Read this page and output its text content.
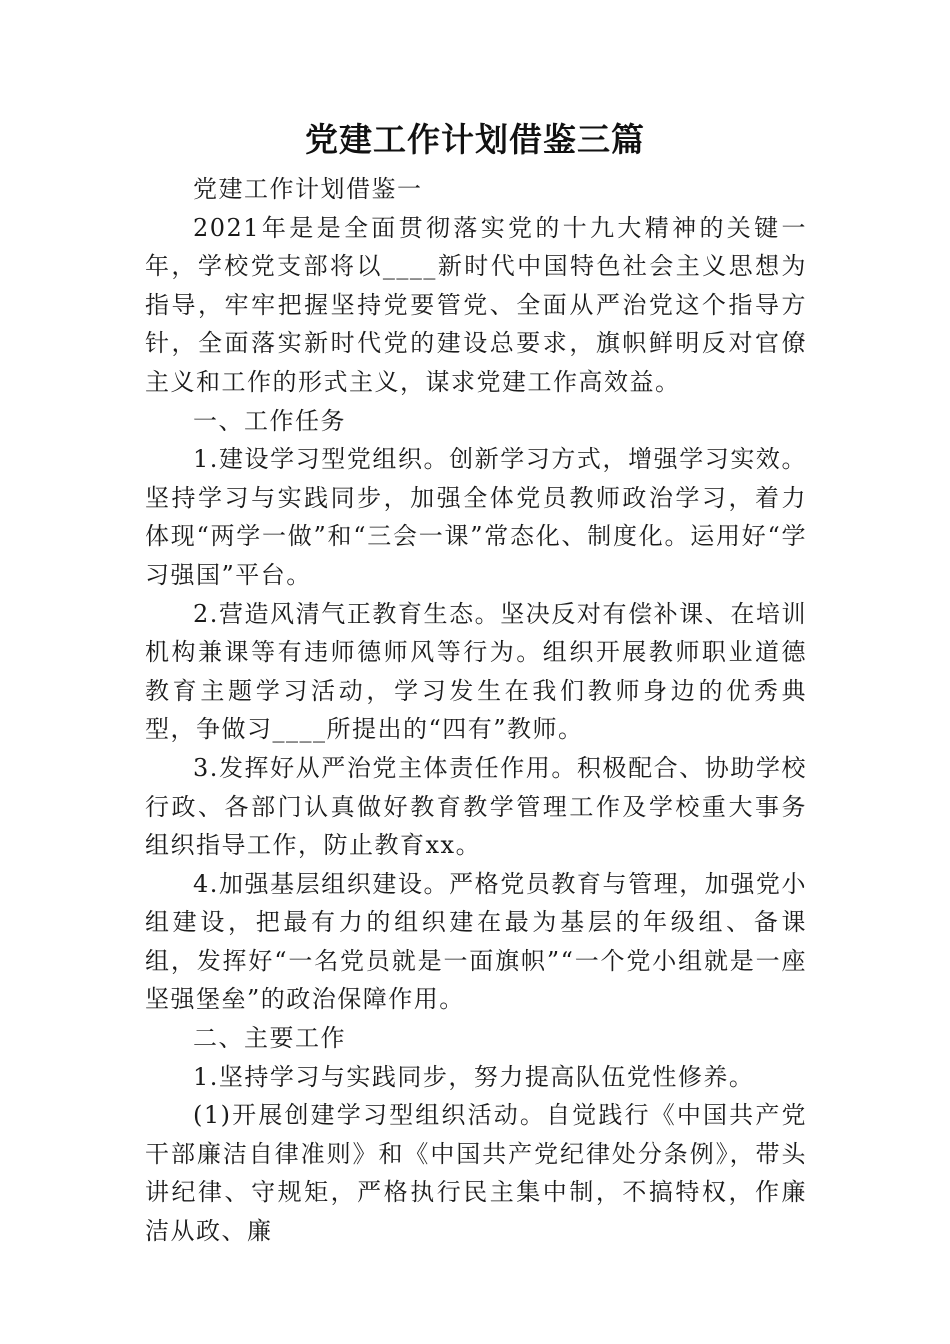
党建工作计划借鉴三篇

党建工作计划借鉴一

2021年是是全面贯彻落实党的十九大精神的关键一年，学校党支部将以____新时代中国特色社会主义思想为指导，牢牢把握坚持党要管党、全面从严治党这个指导方针，全面落实新时代党的建设总要求，旗帜鲜明反对官僚主义和工作的形式主义，谋求党建工作高效益。

一、工作任务

1.建设学习型党组织。创新学习方式，增强学习实效。坚持学习与实践同步，加强全体党员教师政治学习，着力体现“两学一做”和“三会一课”常态化、制度化。运用好“学习强国”平台。

2.营造风清气正教育生态。坚决反对有偿补课、在培训机构兼课等有违师德师风等行为。组织开展教师职业道德教育主题学习活动，学习发生在我们教师身边的优秀典型，争做习____所提出的“四有”教师。

3.发挥好从严治党主体责任作用。积极配合、协助学校行政、各部门认真做好教育教学管理工作及学校重大事务组织指导工作，防止教育xx。

4.加强基层组织建设。严格党员教育与管理，加强党小组建设，把最有力的组织建在最为基层的年级组、备课组，发挥好“一名党员就是一面旗帜”“一个党小组就是一座坚强堡垒”的政治保障作用。

二、主要工作

1.坚持学习与实践同步，努力提高队伍党性修养。

(1)开展创建学习型组织活动。自觉践行《中国共产党干部廉洁自律准则》和《中国共产党纪律处分条例》，带头讲纪律、守规矩，严格执行民主集中制，不搞特权，作廉洁从政、廉
